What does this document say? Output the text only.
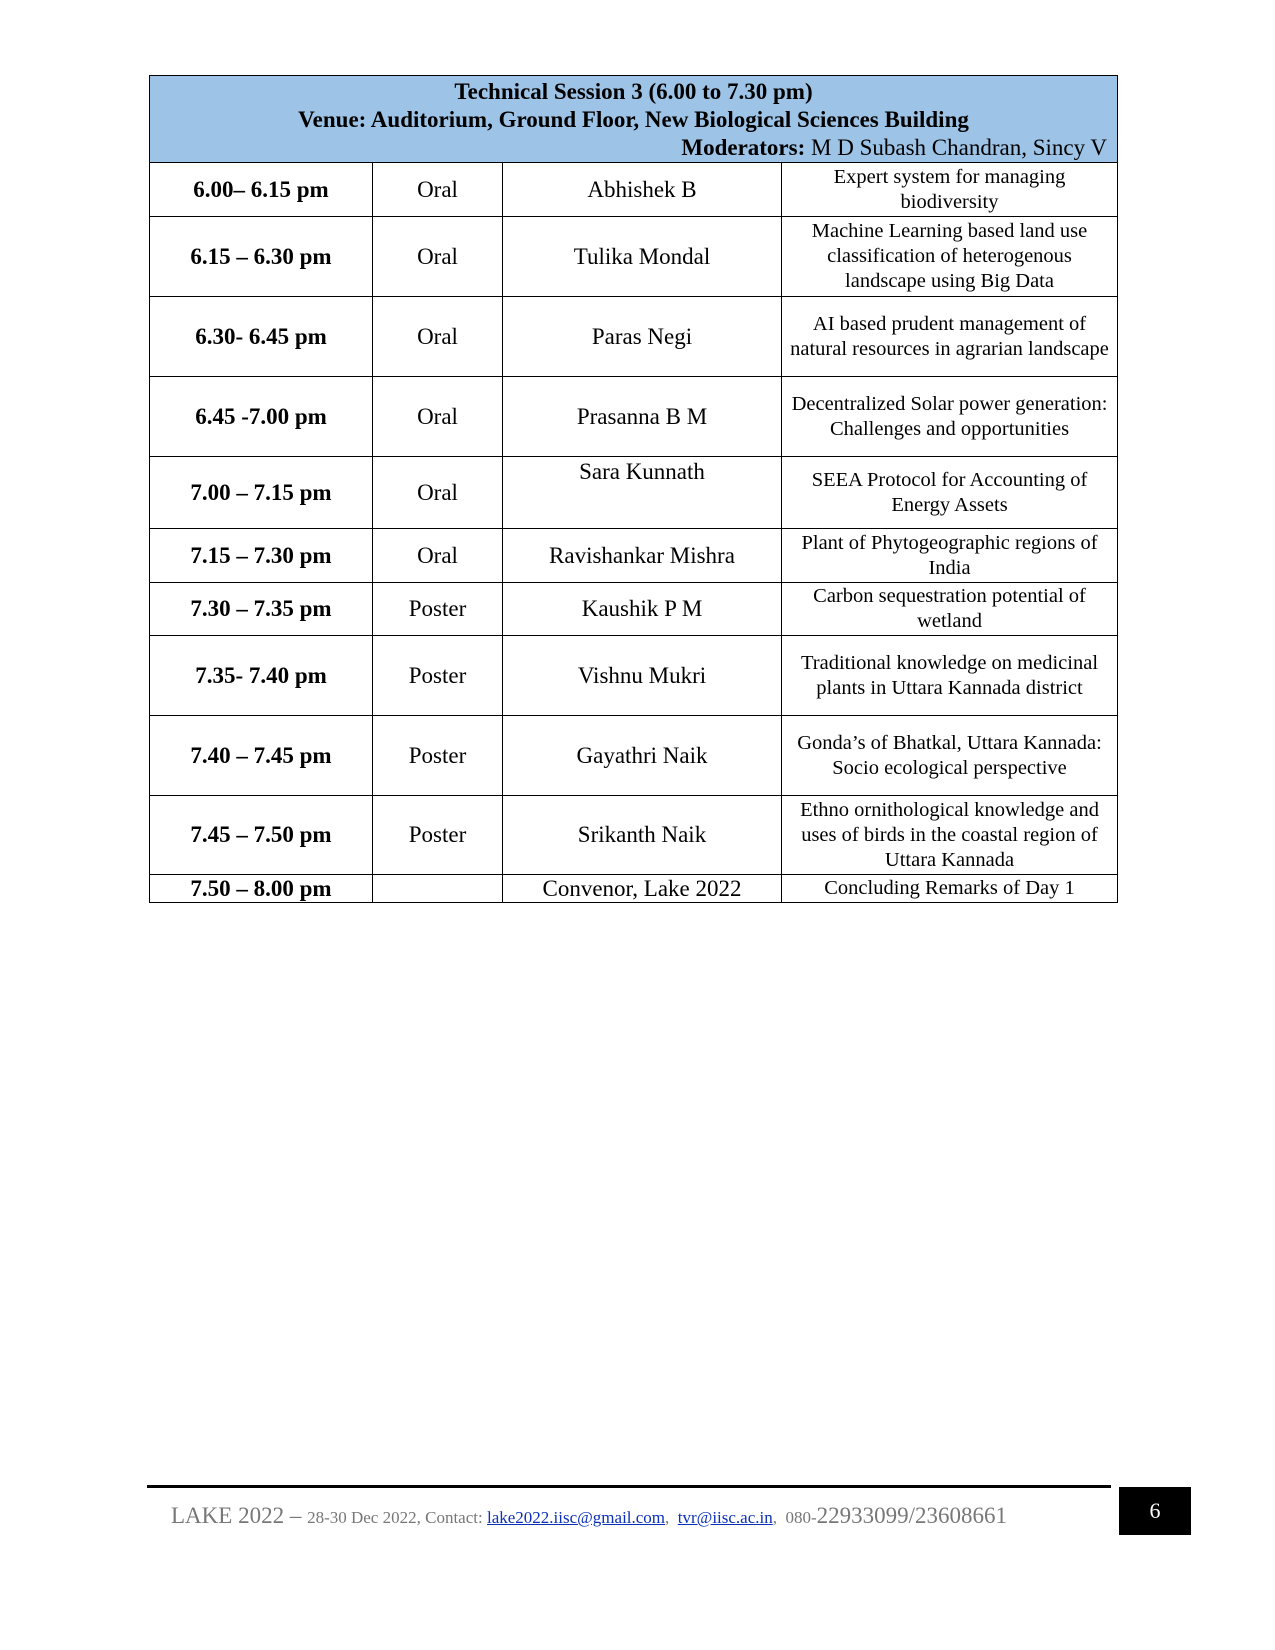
Technical Session 3 (6.00 to 7.30 pm)
Venue: Auditorium, Ground Floor, New Biological Sciences Building
Moderators: M D Subash Chandran, Sincy V			

6.00– 6.15 pm	Oral	Abhishek B	Expert system for managing biodiversity
6.15 – 6.30 pm	Oral	Tulika Mondal	Machine Learning based land use classification of heterogenous landscape using Big Data
6.30- 6.45 pm	Oral	Paras Negi	AI based prudent management of natural resources in agrarian landscape
6.45 -7.00 pm	Oral	Prasanna B M	Decentralized Solar power generation: Challenges and opportunities
7.00 – 7.15 pm	Oral	Sara Kunnath	SEEA Protocol for Accounting of Energy Assets
7.15 – 7.30 pm	Oral	Ravishankar Mishra	Plant of Phytogeographic regions of India
7.30 – 7.35 pm	Poster	Kaushik P M	Carbon sequestration potential of wetland
7.35- 7.40 pm	Poster	Vishnu Mukri	Traditional knowledge on medicinal plants in Uttara Kannada district
7.40 – 7.45 pm	Poster	Gayathri Naik	Gonda’s of Bhatkal, Uttara Kannada: Socio ecological perspective
7.45 – 7.50 pm	Poster	Srikanth Naik	Ethno ornithological knowledge and uses of birds in the coastal region of Uttara Kannada
7.50 – 8.00 pm		Convenor, Lake 2022	Concluding Remarks of Day 1
LAKE 2022 – 28-30 Dec 2022, Contact: lake2022.iisc@gmail.com,  tvr@iisc.ac.in,  080-22933099/23608661	6
